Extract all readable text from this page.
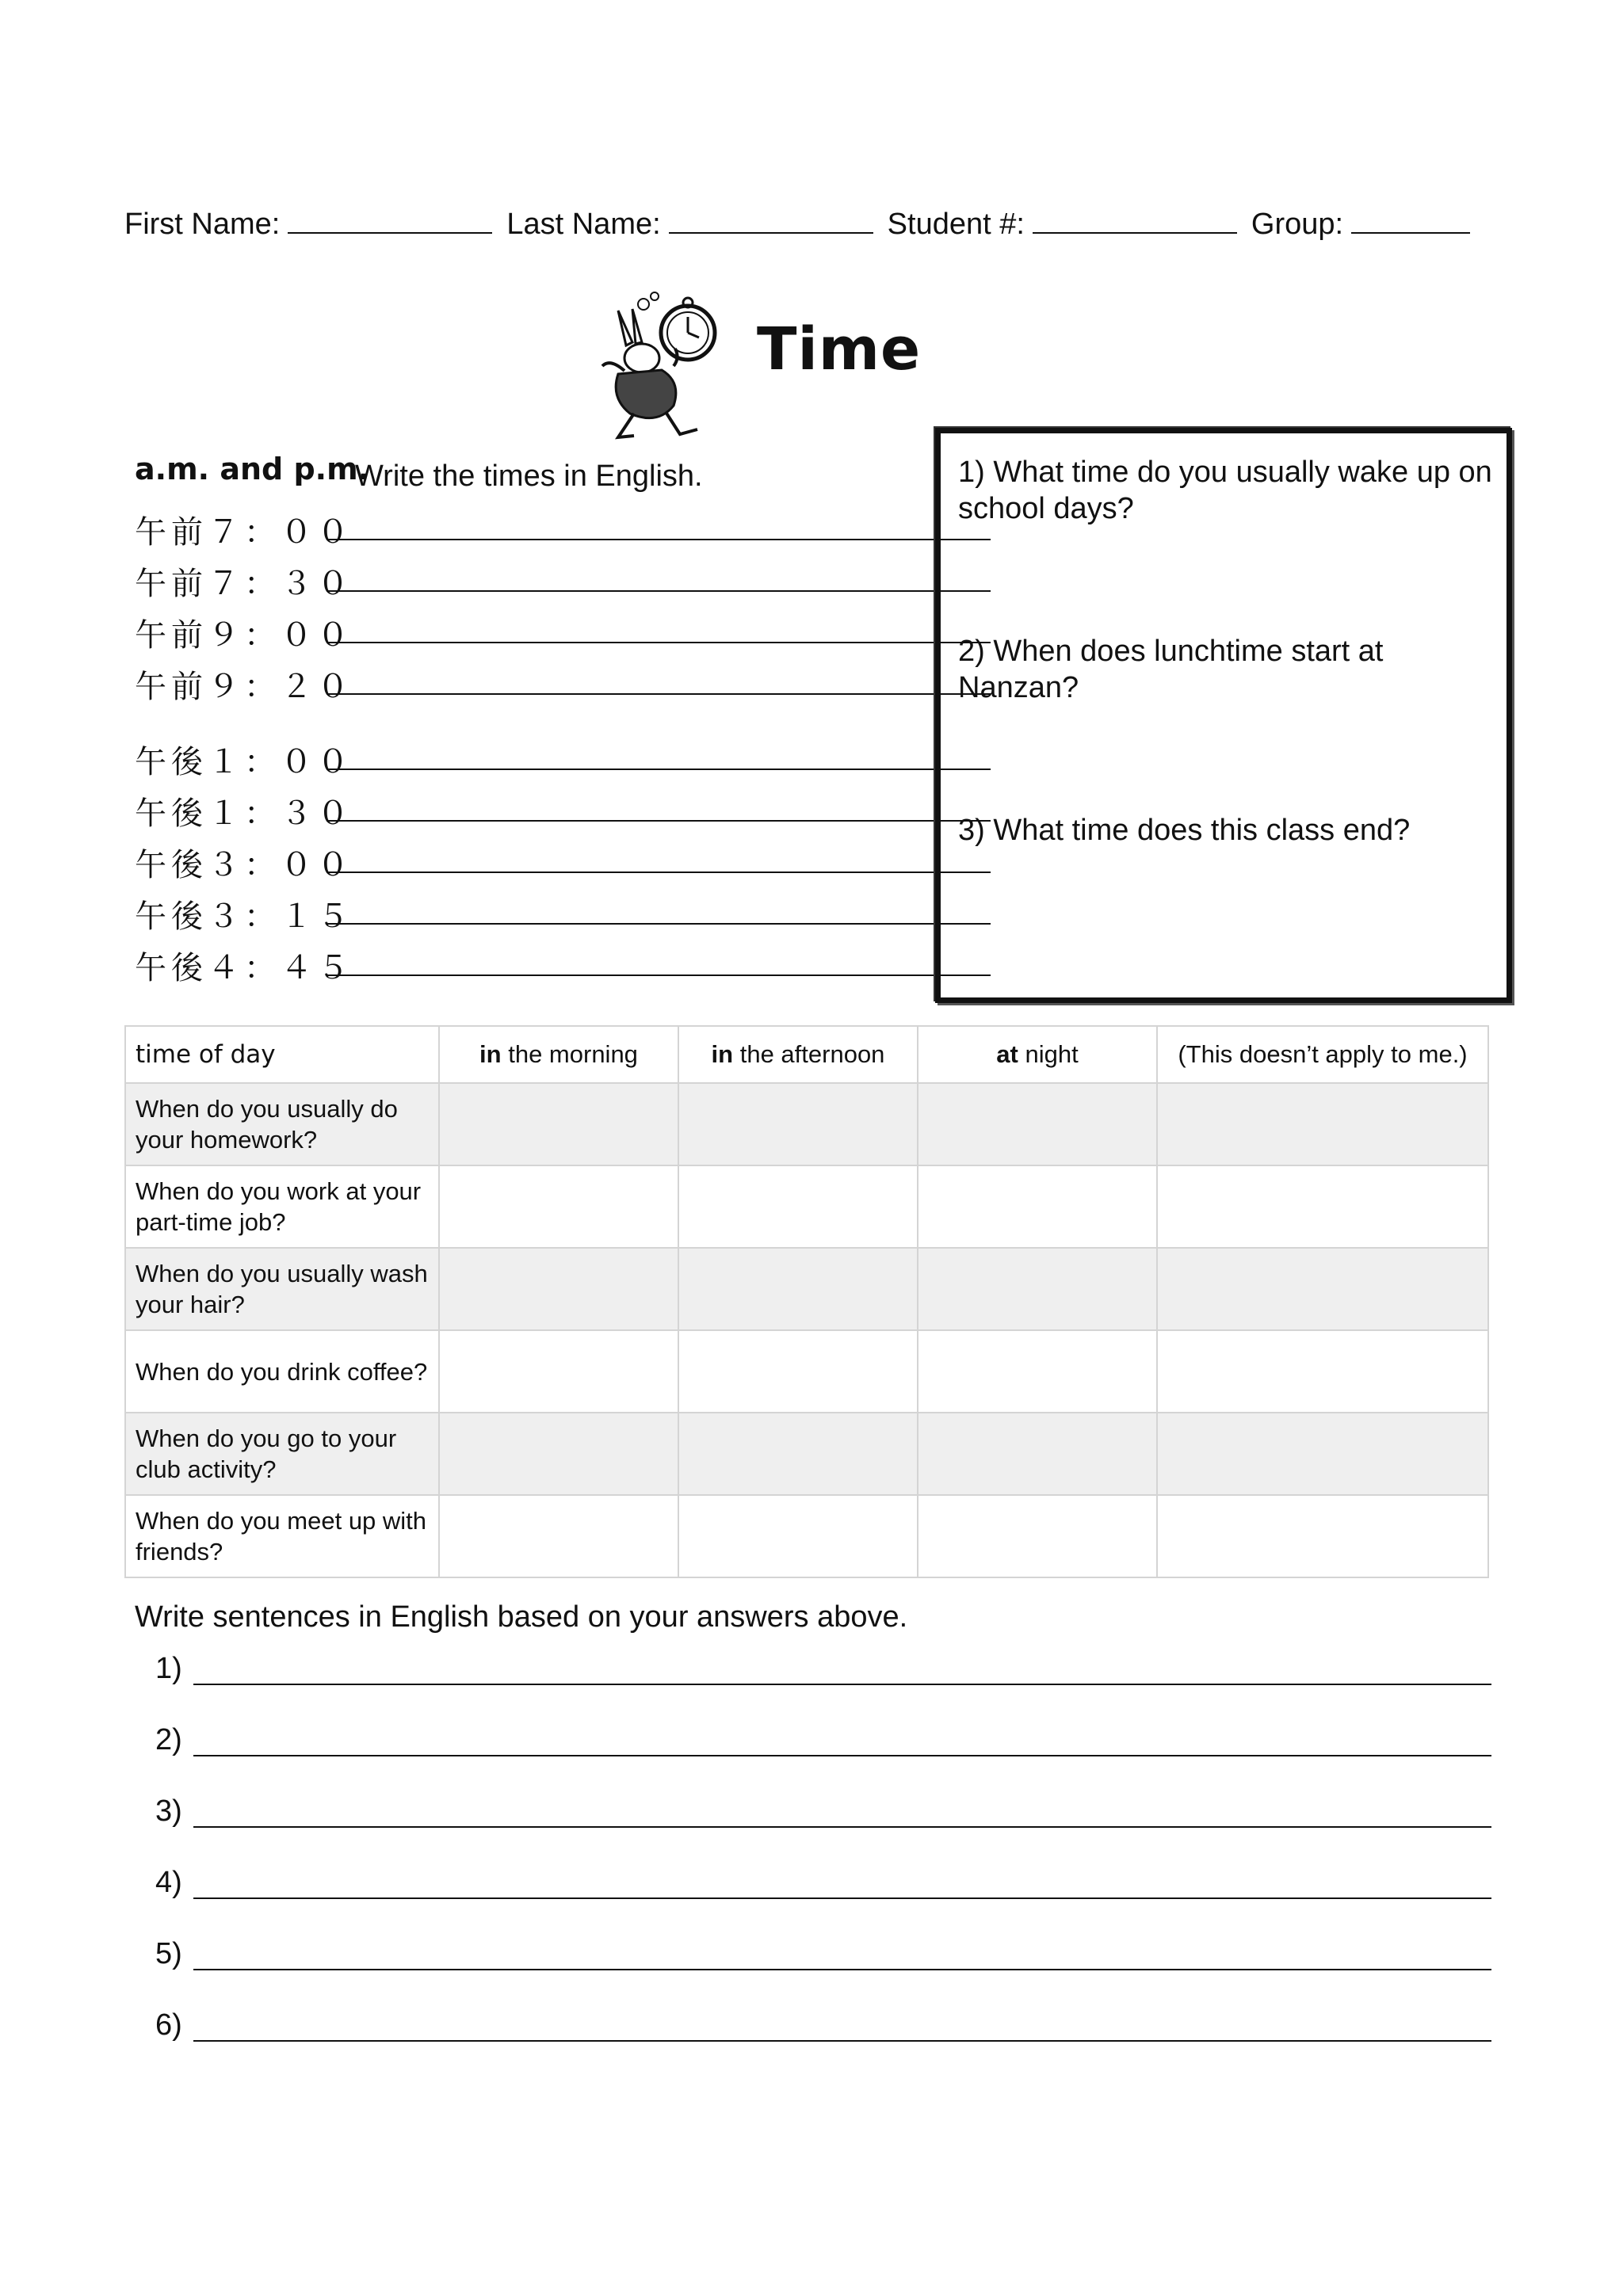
First Name:	Last Name:	Student #:	Group:
Time
a.m. and p.m.
Write the times in English.
午前７：００
午前７：３０
午前９：００
午前９：２０
午後１：００
午後１：３０
午後３：００
午後３：１５
午後４：４５
1) What time do you usually wake up on school days?
2) When does lunchtime start at Nanzan?
3) What time does this class end?
time of day	in the morning	in the afternoon	at night	(This doesn’t apply to me.)
When do you usually do your homework?				
When do you work at your part-time job?				
When do you usually wash your hair?				
When do you drink coffee?				
When do you go to your club activity?				
When do you meet up with friends?				
Write sentences in English based on your answers above.
1)
2)
3)
4)
5)
6)
